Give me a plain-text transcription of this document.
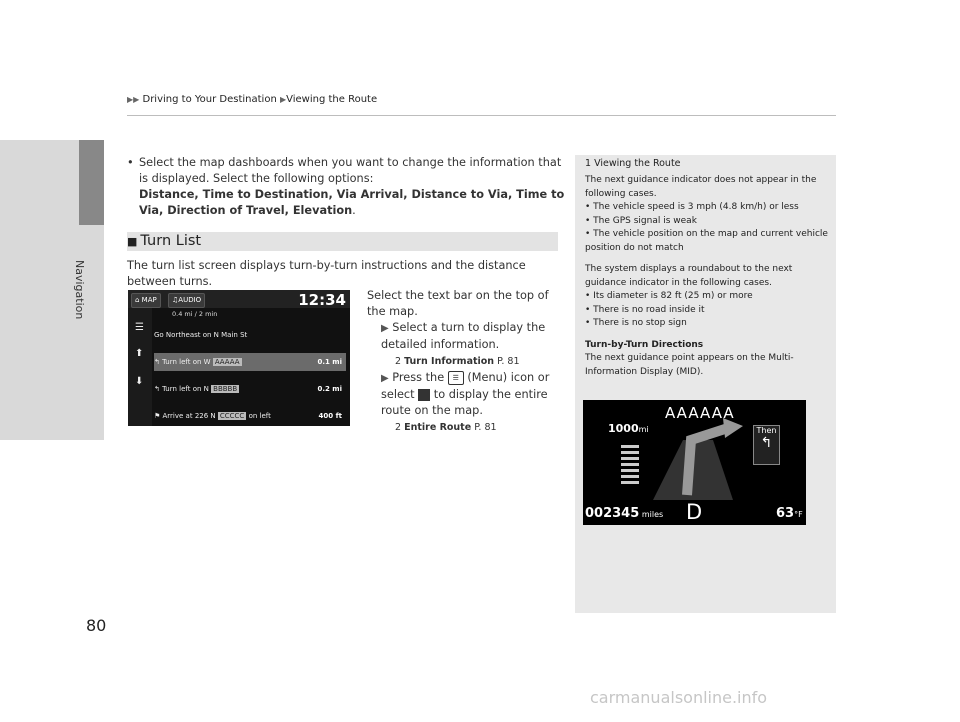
Navigation
▶▶ Driving to Your Destination ▶Viewing the Route
• Select the map dashboards when you want to change the information that is displayed. Select the following options:
Distance, Time to Destination, Via Arrival, Distance to Via, Time to Via, Direction of Travel, Elevation.
■ Turn List
The turn list screen displays turn-by-turn instructions and the distance between turns.
⌂ MAP	♫AUDIO	12:34
0.4 mi / 2 min
☰
⬆
⬇
Go Northeast on N Main St
↰ Turn left on W AAAAA	0.1 mi
↰ Turn left on N BBBBB	0.2 mi
⚑ Arrive at 226 N CCCCC on left	400 ft
Select the text bar on the top of the map.
▶ Select a turn to display the detailed information.
2 Turn Information P. 81
▶ Press the ☰ (Menu) icon or select to display the entire route on the map.
2 Entire Route P. 81
1 Viewing the Route
The next guidance indicator does not appear in the following cases.
• The vehicle speed is 3 mph (4.8 km/h) or less
• The GPS signal is weak
• The vehicle position on the map and current vehicle position do not match
The system displays a roundabout to the next guidance indicator in the following cases.
• Its diameter is 82 ft (25 m) or more
• There is no road inside it
• There is no stop sign
Turn-by-Turn Directions
The next guidance point appears on the Multi-Information Display (MID).
AAAAAA
1000mi	Then
↰
002345 miles D	63°F
80
carmanualsonline.info
